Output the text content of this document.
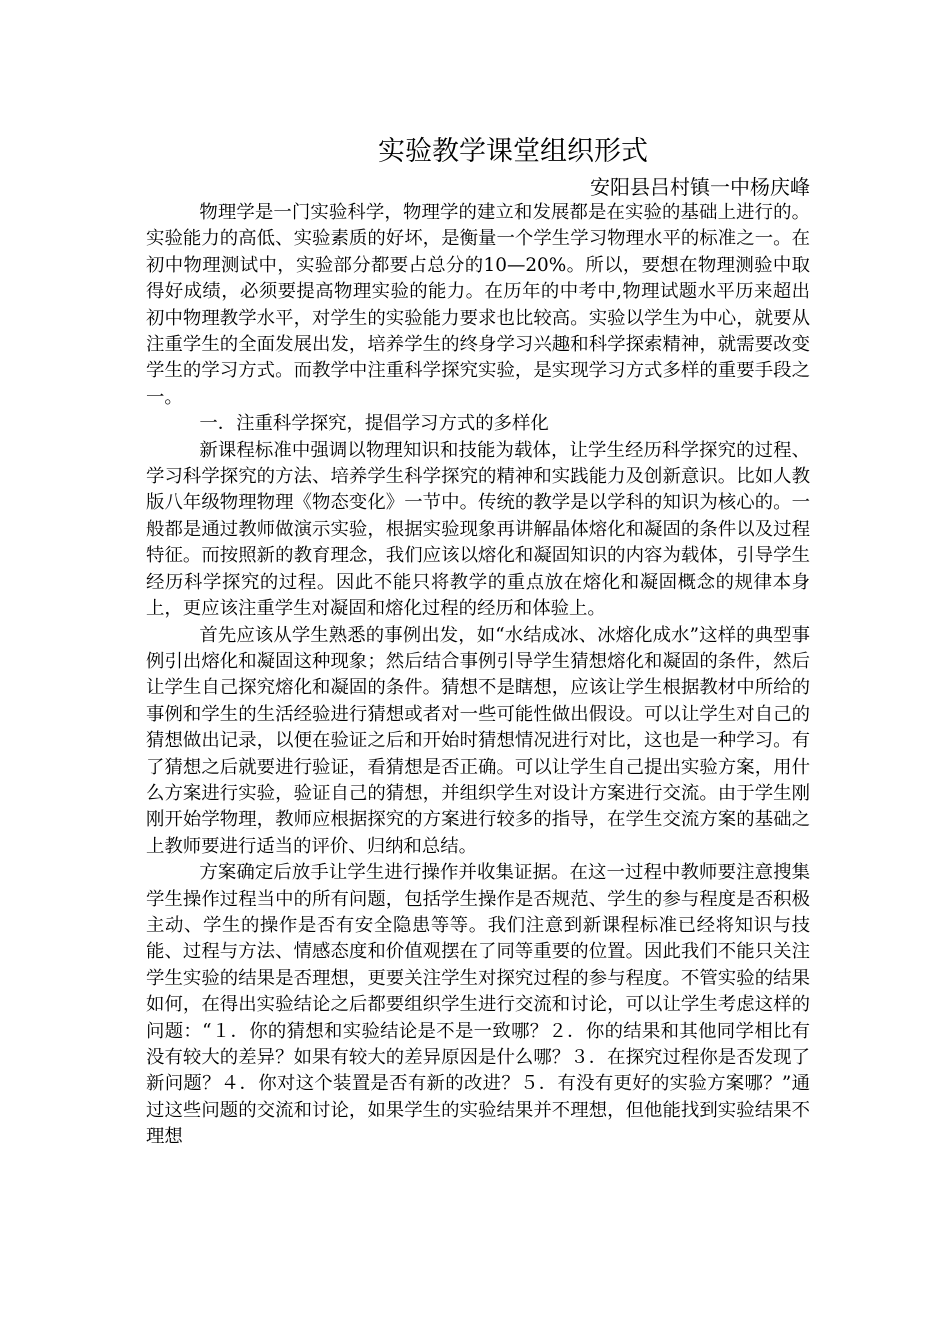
实验教学课堂组织形式

安阳县吕村镇一中杨庆峰

物理学是一门实验科学，物理学的建立和发展都是在实验的基础上进行的。实验能力的高低、实验素质的好坏，是衡量一个学生学习物理水平的标准之一。在初中物理测试中，实验部分都要占总分的10—20%。所以，要想在物理测验中取得好成绩，必须要提高物理实验的能力。在历年的中考中,物理试题水平历来超出初中物理教学水平，对学生的实验能力要求也比较高。实验以学生为中心，就要从注重学生的全面发展出发，培养学生的终身学习兴趣和科学探索精神，就需要改变学生的学习方式。而教学中注重科学探究实验，是实现学习方式多样的重要手段之一。

一．注重科学探究，提倡学习方式的多样化

新课程标准中强调以物理知识和技能为载体，让学生经历科学探究的过程、学习科学探究的方法、培养学生科学探究的精神和实践能力及创新意识。比如人教版八年级物理物理《物态变化》一节中。传统的教学是以学科的知识为核心的。一般都是通过教师做演示实验，根据实验现象再讲解晶体熔化和凝固的条件以及过程特征。而按照新的教育理念，我们应该以熔化和凝固知识的内容为载体，引导学生经历科学探究的过程。因此不能只将教学的重点放在熔化和凝固概念的规律本身上，更应该注重学生对凝固和熔化过程的经历和体验上。

首先应该从学生熟悉的事例出发，如“水结成冰、冰熔化成水”这样的典型事例引出熔化和凝固这种现象；然后结合事例引导学生猜想熔化和凝固的条件，然后让学生自己探究熔化和凝固的条件。猜想不是瞎想，应该让学生根据教材中所给的事例和学生的生活经验进行猜想或者对一些可能性做出假设。可以让学生对自己的猜想做出记录，以便在验证之后和开始时猜想情况进行对比，这也是一种学习。有了猜想之后就要进行验证，看猜想是否正确。可以让学生自己提出实验方案，用什么方案进行实验，验证自己的猜想，并组织学生对设计方案进行交流。由于学生刚刚开始学物理，教师应根据探究的方案进行较多的指导，在学生交流方案的基础之上教师要进行适当的评价、归纳和总结。

方案确定后放手让学生进行操作并收集证据。在这一过程中教师要注意搜集学生操作过程当中的所有问题，包括学生操作是否规范、学生的参与程度是否积极主动、学生的操作是否有安全隐患等等。我们注意到新课程标准已经将知识与技能、过程与方法、情感态度和价值观摆在了同等重要的位置。因此我们不能只关注学生实验的结果是否理想，更要关注学生对探究过程的参与程度。不管实验的结果如何，在得出实验结论之后都要组织学生进行交流和讨论，可以让学生考虑这样的问题：“１．你的猜想和实验结论是不是一致哪？２．你的结果和其他同学相比有没有较大的差异？如果有较大的差异原因是什么哪？３．在探究过程你是否发现了新问题？４．你对这个装置是否有新的改进？５．有没有更好的实验方案哪？”通过这些问题的交流和讨论，如果学生的实验结果并不理想，但他能找到实验结果不理想
